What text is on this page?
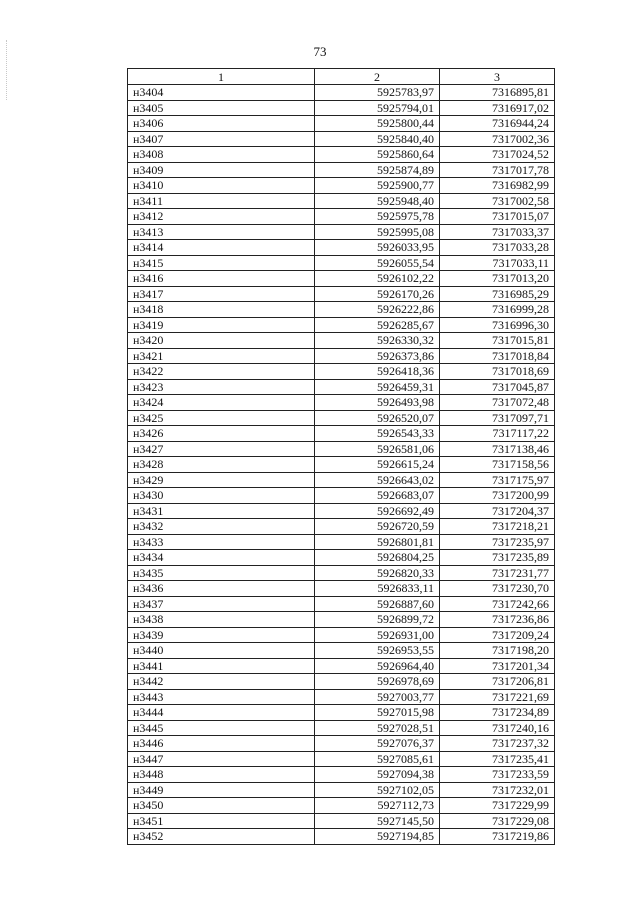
73
1	2	3
н3404	5925783,97	7316895,81
н3405	5925794,01	7316917,02
н3406	5925800,44	7316944,24
н3407	5925840,40	7317002,36
н3408	5925860,64	7317024,52
н3409	5925874,89	7317017,78
н3410	5925900,77	7316982,99
н3411	5925948,40	7317002,58
н3412	5925975,78	7317015,07
н3413	5925995,08	7317033,37
н3414	5926033,95	7317033,28
н3415	5926055,54	7317033,11
н3416	5926102,22	7317013,20
н3417	5926170,26	7316985,29
н3418	5926222,86	7316999,28
н3419	5926285,67	7316996,30
н3420	5926330,32	7317015,81
н3421	5926373,86	7317018,84
н3422	5926418,36	7317018,69
н3423	5926459,31	7317045,87
н3424	5926493,98	7317072,48
н3425	5926520,07	7317097,71
н3426	5926543,33	7317117,22
н3427	5926581,06	7317138,46
н3428	5926615,24	7317158,56
н3429	5926643,02	7317175,97
н3430	5926683,07	7317200,99
н3431	5926692,49	7317204,37
н3432	5926720,59	7317218,21
н3433	5926801,81	7317235,97
н3434	5926804,25	7317235,89
н3435	5926820,33	7317231,77
н3436	5926833,11	7317230,70
н3437	5926887,60	7317242,66
н3438	5926899,72	7317236,86
н3439	5926931,00	7317209,24
н3440	5926953,55	7317198,20
н3441	5926964,40	7317201,34
н3442	5926978,69	7317206,81
н3443	5927003,77	7317221,69
н3444	5927015,98	7317234,89
н3445	5927028,51	7317240,16
н3446	5927076,37	7317237,32
н3447	5927085,61	7317235,41
н3448	5927094,38	7317233,59
н3449	5927102,05	7317232,01
н3450	5927112,73	7317229,99
н3451	5927145,50	7317229,08
н3452	5927194,85	7317219,86
